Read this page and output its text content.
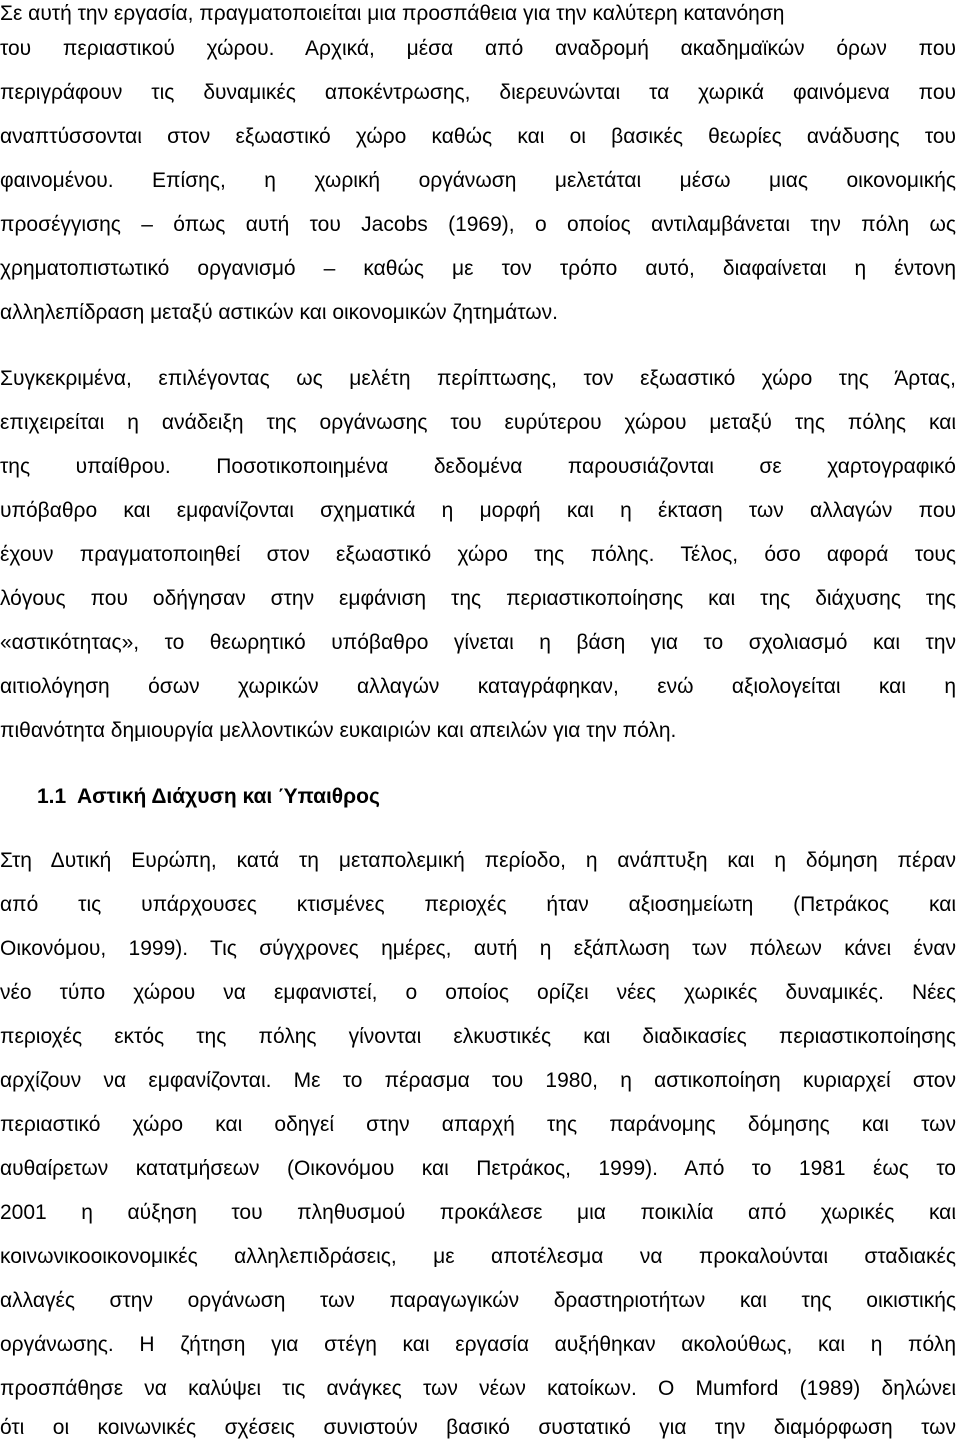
Σε αυτή την εργασία, πραγματοποιείται μια προσπάθεια για την καλύτερη κατανόηση
του περιαστικού χώρου. Αρχικά, μέσα από αναδρομή ακαδημαϊκών όρων που
περιγράφουν τις δυναμικές αποκέντρωσης, διερευνώνται τα χωρικά φαινόμενα που
αναπτύσσονται στον εξωαστικό χώρο καθώς και οι βασικές θεωρίες ανάδυσης του
φαινομένου. Επίσης, η χωρική οργάνωση μελετάται μέσω μιας οικονομικής
προσέγγισης – όπως αυτή του Jacobs (1969), ο οποίος αντιλαμβάνεται την πόλη ως
χρηματοπιστωτικό οργανισμό – καθώς με τον τρόπο αυτό, διαφαίνεται η έντονη
αλληλεπίδραση μεταξύ αστικών και οικονομικών ζητημάτων.
Συγκεκριμένα, επιλέγοντας ως μελέτη περίπτωσης, τον εξωαστικό χώρο της Άρτας,
επιχειρείται η ανάδειξη της οργάνωσης του ευρύτερου χώρου μεταξύ της πόλης και
της υπαίθρου. Ποσοτικοποιημένα δεδομένα παρουσιάζονται σε χαρτογραφικό
υπόβαθρο και εμφανίζονται σχηματικά η μορφή και η έκταση των αλλαγών που
έχουν πραγματοποιηθεί στον εξωαστικό χώρο της πόλης. Τέλος, όσο αφορά τους
λόγους που οδήγησαν στην εμφάνιση της περιαστικοποίησης και της διάχυσης της
«αστικότητας», το θεωρητικό υπόβαθρο γίνεται η βάση για το σχολιασμό και την
αιτιολόγηση όσων χωρικών αλλαγών καταγράφηκαν, ενώ αξιολογείται και η
πιθανότητα δημιουργία μελλοντικών ευκαιριών και απειλών για την πόλη.
1.1 Αστική Διάχυση και Ύπαιθρος
Στη Δυτική Ευρώπη, κατά τη μεταπολεμική περίοδο, η ανάπτυξη και η δόμηση πέραν
από τις υπάρχουσες κτισμένες περιοχές ήταν αξιοσημείωτη (Πετράκος και
Οικονόμου, 1999). Τις σύγχρονες ημέρες, αυτή η εξάπλωση των πόλεων κάνει έναν
νέο τύπο χώρου να εμφανιστεί, ο οποίος ορίζει νέες χωρικές δυναμικές. Νέες
περιοχές εκτός της πόλης γίνονται ελκυστικές και διαδικασίες περιαστικοποίησης
αρχίζουν να εμφανίζονται. Με το πέρασμα του 1980, η αστικοποίηση κυριαρχεί στον
περιαστικό χώρο και οδηγεί στην απαρχή της παράνομης δόμησης και των
αυθαίρετων κατατμήσεων (Οικονόμου και Πετράκος, 1999). Από το 1981 έως το
2001 η αύξηση του πληθυσμού προκάλεσε μια ποικιλία από χωρικές και
κοινωνικοοικονομικές αλληλεπιδράσεις, με αποτέλεσμα να προκαλούνται σταδιακές
αλλαγές στην οργάνωση των παραγωγικών δραστηριοτήτων και της οικιστικής
οργάνωσης. Η ζήτηση για στέγη και εργασία αυξήθηκαν ακολούθως, και η πόλη
προσπάθησε να καλύψει τις ανάγκες των νέων κατοίκων. Ο Mumford (1989) δηλώνει
ότι οι κοινωνικές σχέσεις συνιστούν βασικό συστατικό για την διαμόρφωση των
